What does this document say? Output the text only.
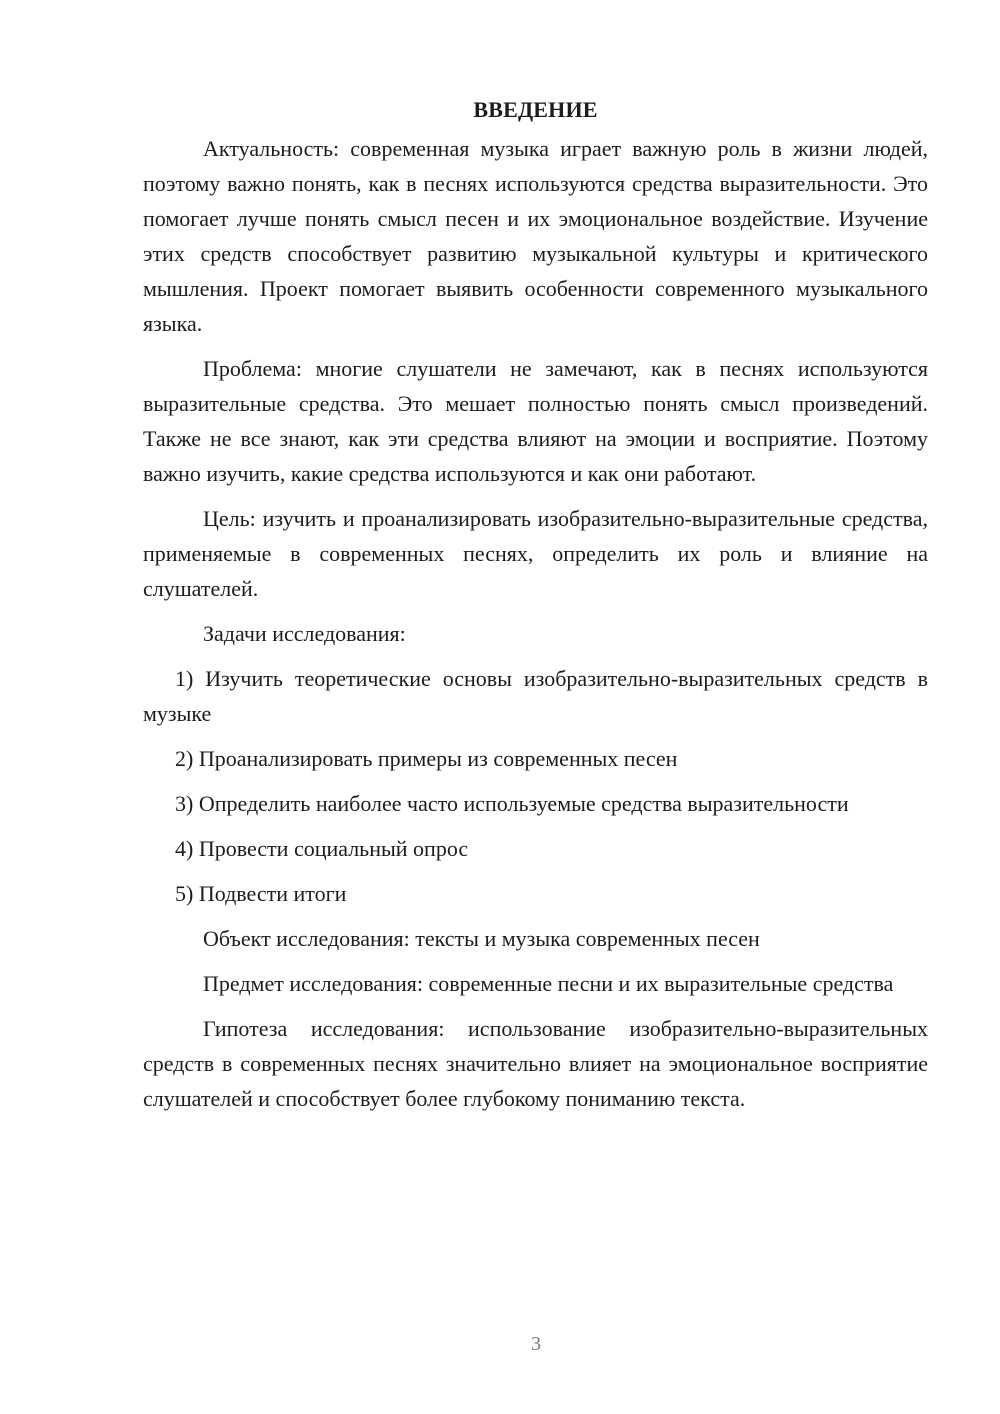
ВВЕДЕНИЕ

Актуальность: современная музыка играет важную роль в жизни людей, поэтому важно понять, как в песнях используются средства выразительности. Это помогает лучше понять смысл песен и их эмоциональное воздействие. Изучение этих средств способствует развитию музыкальной культуры и критического мышления. Проект помогает выявить особенности современного музыкального языка.

Проблема: многие слушатели не замечают, как в песнях используются выразительные средства. Это мешает полностью понять смысл произведений. Также не все знают, как эти средства влияют на эмоции и восприятие. Поэтому важно изучить, какие средства используются и как они работают.

Цель: изучить и проанализировать изобразительно-выразительные средства, применяемые в современных песнях, определить их роль и влияние на слушателей.

Задачи исследования:

1) Изучить теоретические основы изобразительно-выразительных средств в музыке

2) Проанализировать примеры из современных песен

3) Определить наиболее часто используемые средства выразительности

4) Провести социальный опрос

5) Подвести итоги

Объект исследования: тексты и музыка современных песен

Предмет исследования: современные песни и их выразительные средства

Гипотеза исследования: использование изобразительно-выразительных средств в современных песнях значительно влияет на эмоциональное восприятие слушателей и способствует более глубокому пониманию текста.

3
